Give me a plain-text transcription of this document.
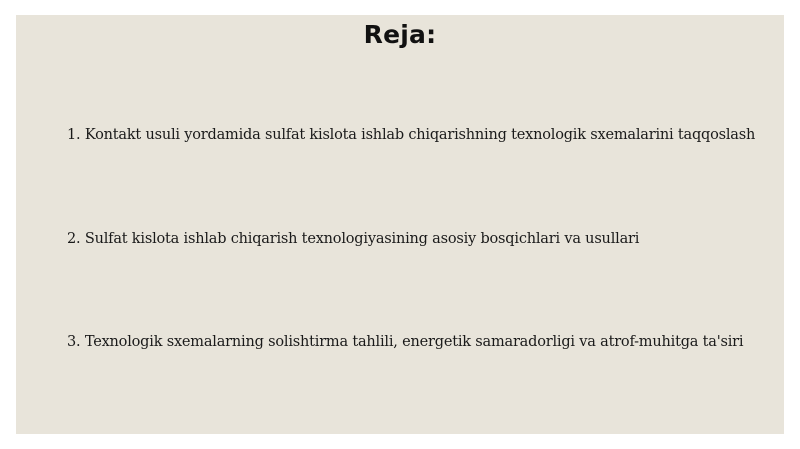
Reja:
1. Kontakt usuli yordamida sulfat kislota ishlab chiqarishning texnologik sxemalarini taqqoslash
2. Sulfat kislota ishlab chiqarish texnologiyasining asosiy bosqichlari va usullari
3. Texnologik sxemalarning solishtirma tahlili, energetik samaradorligi va atrof-muhitga ta'siri
